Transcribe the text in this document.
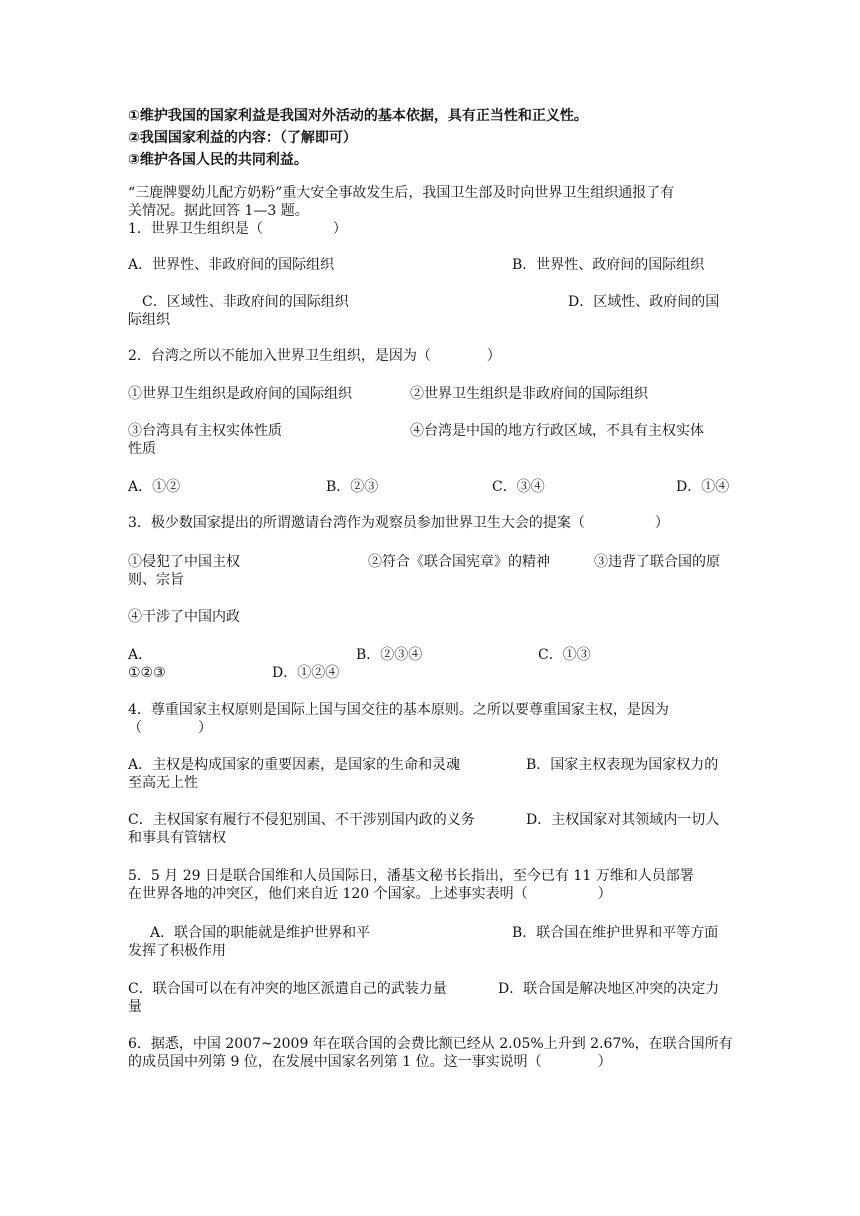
①维护我国的国家利益是我国对外活动的基本依据，具有正当性和正义性。
②我国国家利益的内容：（了解即可）
③维护各国人民的共同利益。
“三鹿牌婴幼儿配方奶粉”重大安全事故发生后，我国卫生部及时向世界卫生组织通报了有
关情况。据此回答 1—3 题。
1．世界卫生组织是（　　　　　）
A．世界性、非政府间的国际组织	B．世界性、政府间的国际组织
C．区域性、非政府间的国际组织	D．区域性、政府间的国
际组织
2．台湾之所以不能加入世界卫生组织，是因为（　　　　）
①世界卫生组织是政府间的国际组织	②世界卫生组织是非政府间的国际组织
③台湾具有主权实体性质	④台湾是中国的地方行政区域，不具有主权实体
性质
A．①②	B．②③	C．③④	D．①④
3．极少数国家提出的所谓邀请台湾作为观察员参加世界卫生大会的提案（　　　　　）
①侵犯了中国主权	②符合《联合国宪章》的精神	③违背了联合国的原
则、宗旨
④干涉了中国内政
A．	B．②③④	C．①③
①②③	D．①②④
4．尊重国家主权原则是国际上国与国交往的基本原则。之所以要尊重国家主权，是因为
（　　　　）
A．主权是构成国家的重要因素，是国家的生命和灵魂	B．国家主权表现为国家权力的
至高无上性
C．主权国家有履行不侵犯别国、不干涉别国内政的义务	D．主权国家对其领域内一切人
和事具有管辖权
5．5 月 29 日是联合国维和人员国际日，潘基文秘书长指出，至今已有 11 万维和人员部署
在世界各地的冲突区，他们来自近 120 个国家。上述事实表明（　　　　　）
A．联合国的职能就是维护世界和平	B．联合国在维护世界和平等方面
发挥了积极作用
C．联合国可以在有冲突的地区派遣自己的武装力量	D．联合国是解决地区冲突的决定力
量
6．据悉，中国 2007~2009 年在联合国的会费比额已经从 2.05%上升到 2.67%，在联合国所有
的成员国中列第 9 位，在发展中国家名列第 1 位。这一事实说明（　　　　）
